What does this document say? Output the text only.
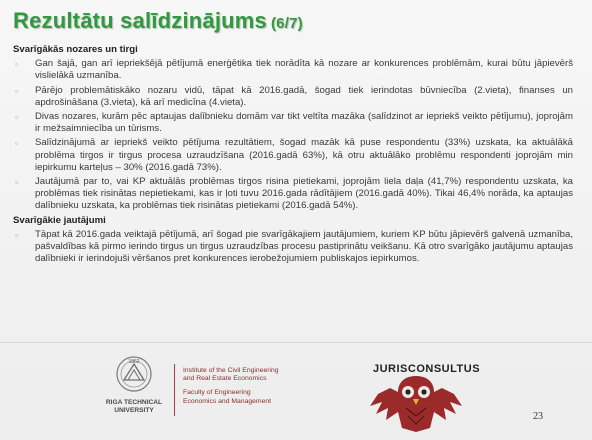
Rezultātu salīdzinājums (6/7)
Svarīgākās nozares un tirgi
▫ Gan šajā, gan arī iepriekšējā pētījumā enerģētika tiek norādīta kā nozare ar konkurences problēmām, kurai būtu jāpievērš vislielākā uzmanība.
▫ Pārējo problemātiskāko nozaru vidū, tāpat kā 2016.gadā, šogad tiek ierindotas būvniecība (2.vieta), finanses un apdrošināšana (3.vieta), kā arī medicīna (4.vieta).
▫ Divas nozares, kurām pēc aptaujas dalībnieku domām var tikt veltīta mazāka (salīdzinot ar iepriekš veikto pētījumu), joprojām ir mežsaimniecība un tūrisms.
▫ Salīdzinājumā ar iepriekš veikto pētījuma rezultātiem, šogad mazāk kā puse respondentu (33%) uzskata, ka aktuālākā problēma tirgos ir tirgus procesa uzraudzīšana (2016.gadā 63%), kā otru aktuālāko problēmu respondenti joprojām min iepirkumu karteļus – 30% (2016.gadā 73%).
▫ Jautājumā par to, vai KP aktuālās problēmas tirgos risina pietiekami, joprojām liela daļa (41,7%) respondentu uzskata, ka problēmas tiek risinātas nepietiekami, kas ir ļoti tuvu 2016.gada rādītājiem (2016.gadā 40%). Tikai 46,4% norāda, ka aptaujas dalībnieku uzskata, ka problēmas tiek risinātas pietiekami (2016.gadā 54%).
Svarīgākie jautājumi
▫ Tāpat kā 2016.gada veiktajā pētījumā, arī šogad pie svarīgākajiem jautājumiem, kuriem KP būtu jāpievērš galvenā uzmanība, pašvaldības kā pirmo ierindo tirgus un tirgus uzraudzības procesu pastiprinātu veikšanu. Kā otro svarīgāko jautājumu aptaujas dalībnieki ir ierindojuši vēršanos pret konkurences ierobežojumiem publiskajos iepirkumos.
1862
RIGA TECHNICAL
UNIVERSITY
Institute of the Civil Engineering
and Real Estate Economics
Faculty of Engineering
Economics and Management
JURISCONSULTUS
23
